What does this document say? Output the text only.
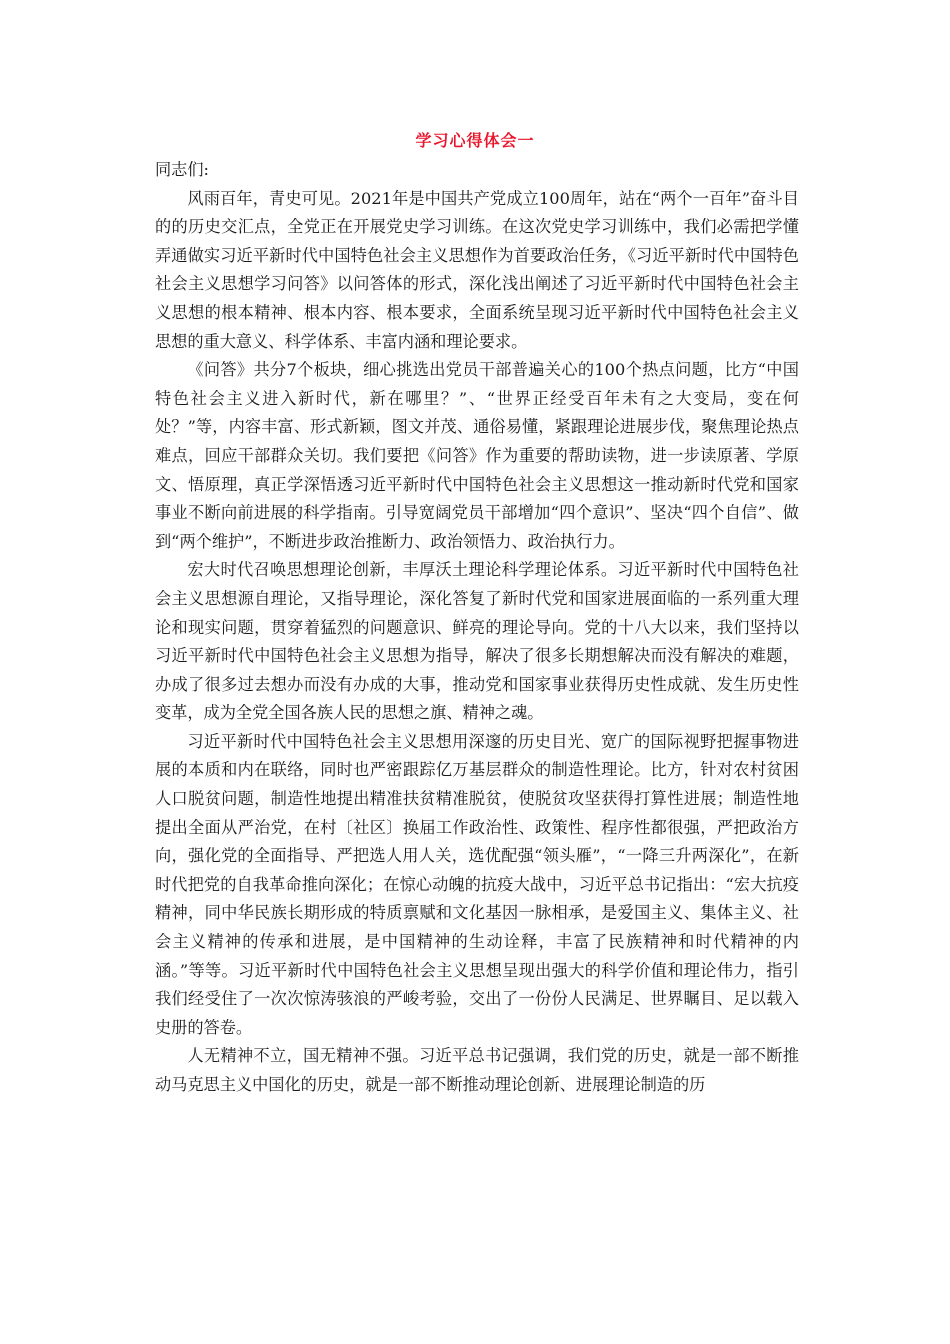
学习心得体会一

同志们:

风雨百年，青史可见。2021年是中国共产党成立100周年，站在“两个一百年”奋斗目的的历史交汇点，全党正在开展党史学习训练。在这次党史学习训练中，我们必需把学懂弄通做实习近平新时代中国特色社会主义思想作为首要政治任务，《习近平新时代中国特色社会主义思想学习问答》以问答体的形式，深化浅出阐述了习近平新时代中国特色社会主义思想的根本精神、根本内容、根本要求，全面系统呈现习近平新时代中国特色社会主义思想的重大意义、科学体系、丰富内涵和理论要求。

《问答》共分7个板块，细心挑选出党员干部普遍关心的100个热点问题，比方“中国特色社会主义进入新时代，新在哪里？”、“世界正经受百年未有之大变局，变在何处？”等，内容丰富、形式新颖，图文并茂、通俗易懂，紧跟理论进展步伐，聚焦理论热点难点，回应干部群众关切。我们要把《问答》作为重要的帮助读物，进一步读原著、学原文、悟原理，真正学深悟透习近平新时代中国特色社会主义思想这一推动新时代党和国家事业不断向前进展的科学指南。引导宽阔党员干部增加“四个意识”、坚决“四个自信”、做到“两个维护”，不断进步政治推断力、政治领悟力、政治执行力。

宏大时代召唤思想理论创新，丰厚沃土理论科学理论体系。习近平新时代中国特色社会主义思想源自理论，又指导理论，深化答复了新时代党和国家进展面临的一系列重大理论和现实问题，贯穿着猛烈的问题意识、鲜亮的理论导向。党的十八大以来，我们坚持以习近平新时代中国特色社会主义思想为指导，解决了很多长期想解决而没有解决的难题，办成了很多过去想办而没有办成的大事，推动党和国家事业获得历史性成就、发生历史性变革，成为全党全国各族人民的思想之旗、精神之魂。

习近平新时代中国特色社会主义思想用深邃的历史目光、宽广的国际视野把握事物进展的本质和内在联络，同时也严密跟踪亿万基层群众的制造性理论。比方，针对农村贫困人口脱贫问题，制造性地提出精准扶贫精准脱贫，使脱贫攻坚获得打算性进展；制造性地提出全面从严治党，在村〔社区〕换届工作政治性、政策性、程序性都很强，严把政治方向，强化党的全面指导、严把选人用人关，选优配强“领头雁”，“一降三升两深化”，在新时代把党的自我革命推向深化；在惊心动魄的抗疫大战中，习近平总书记指出：“宏大抗疫精神，同中华民族长期形成的特质禀赋和文化基因一脉相承，是爱国主义、集体主义、社会主义精神的传承和进展，是中国精神的生动诠释，丰富了民族精神和时代精神的内涵。”等等。习近平新时代中国特色社会主义思想呈现出强大的科学价值和理论伟力，指引我们经受住了一次次惊涛骇浪的严峻考验，交出了一份份人民满足、世界瞩目、足以载入史册的答卷。

人无精神不立，国无精神不强。习近平总书记强调，我们党的历史，就是一部不断推动马克思主义中国化的历史，就是一部不断推动理论创新、进展理论制造的历
